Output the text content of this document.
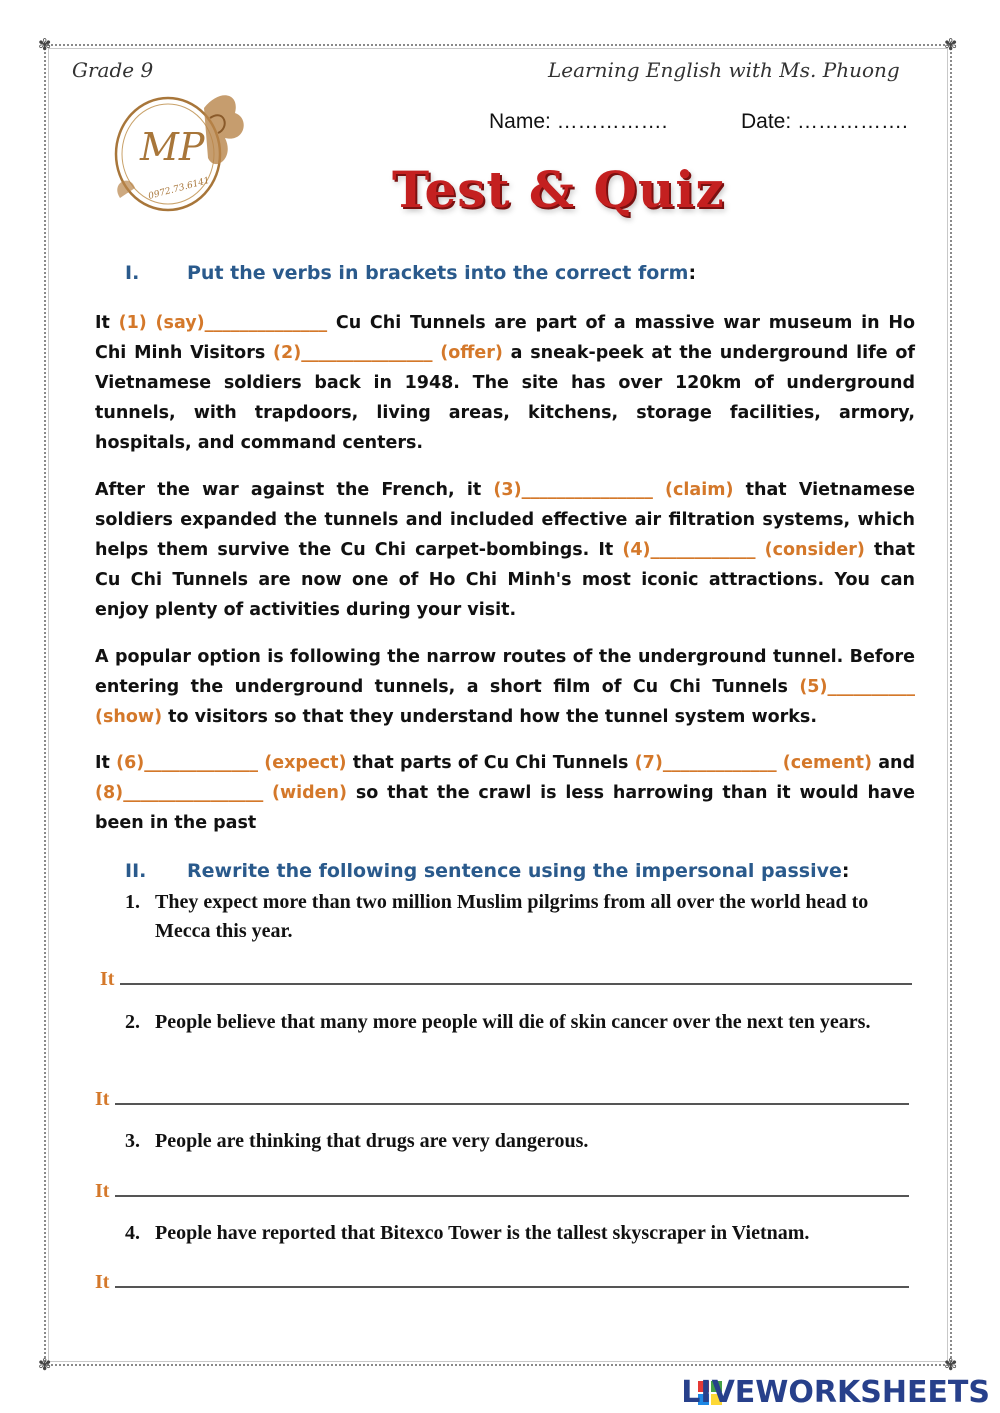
✾	✾
✾	✾
Grade 9	Learning English with Ms. Phuong
MP
0972.73.6141
Name: …………….	Date: …………….
Test & Quiz
I.	Put the verbs in brackets into the correct form:
It (1) (say)______________ Cu Chi Tunnels are part of a massive war museum in Ho Chi Minh Visitors (2)_______________ (offer) a sneak-peek at the underground life of Vietnamese soldiers back in 1948. The site has over 120km of underground tunnels, with trapdoors, living areas, kitchens, storage facilities, armory, hospitals, and command centers.
After the war against the French, it (3)_______________ (claim) that Vietnamese soldiers expanded the tunnels and included effective air filtration systems, which helps them survive the Cu Chi carpet-bombings. It (4)____________ (consider) that Cu Chi Tunnels are now one of Ho Chi Minh's most iconic attractions. You can enjoy plenty of activities during your visit.
A popular option is following the narrow routes of the underground tunnel. Before entering the underground tunnels, a short film of Cu Chi Tunnels (5)__________ (show) to visitors so that they understand how the tunnel system works.
It (6)_____________ (expect) that parts of Cu Chi Tunnels (7)_____________ (cement) and (8)________________ (widen) so that the crawl is less harrowing than it would have been in the past
II. Rewrite the following sentence using the impersonal passive:
1. They expect more than two million Muslim pilgrims from all over the world head to Mecca this year.
It
2. People believe that many more people will die of skin cancer over the next ten years.
It
3. People are thinking that drugs are very dangerous.
It
4. People have reported that Bitexco Tower is the tallest skyscraper in Vietnam.
It
LIVEWORKSHEETS
